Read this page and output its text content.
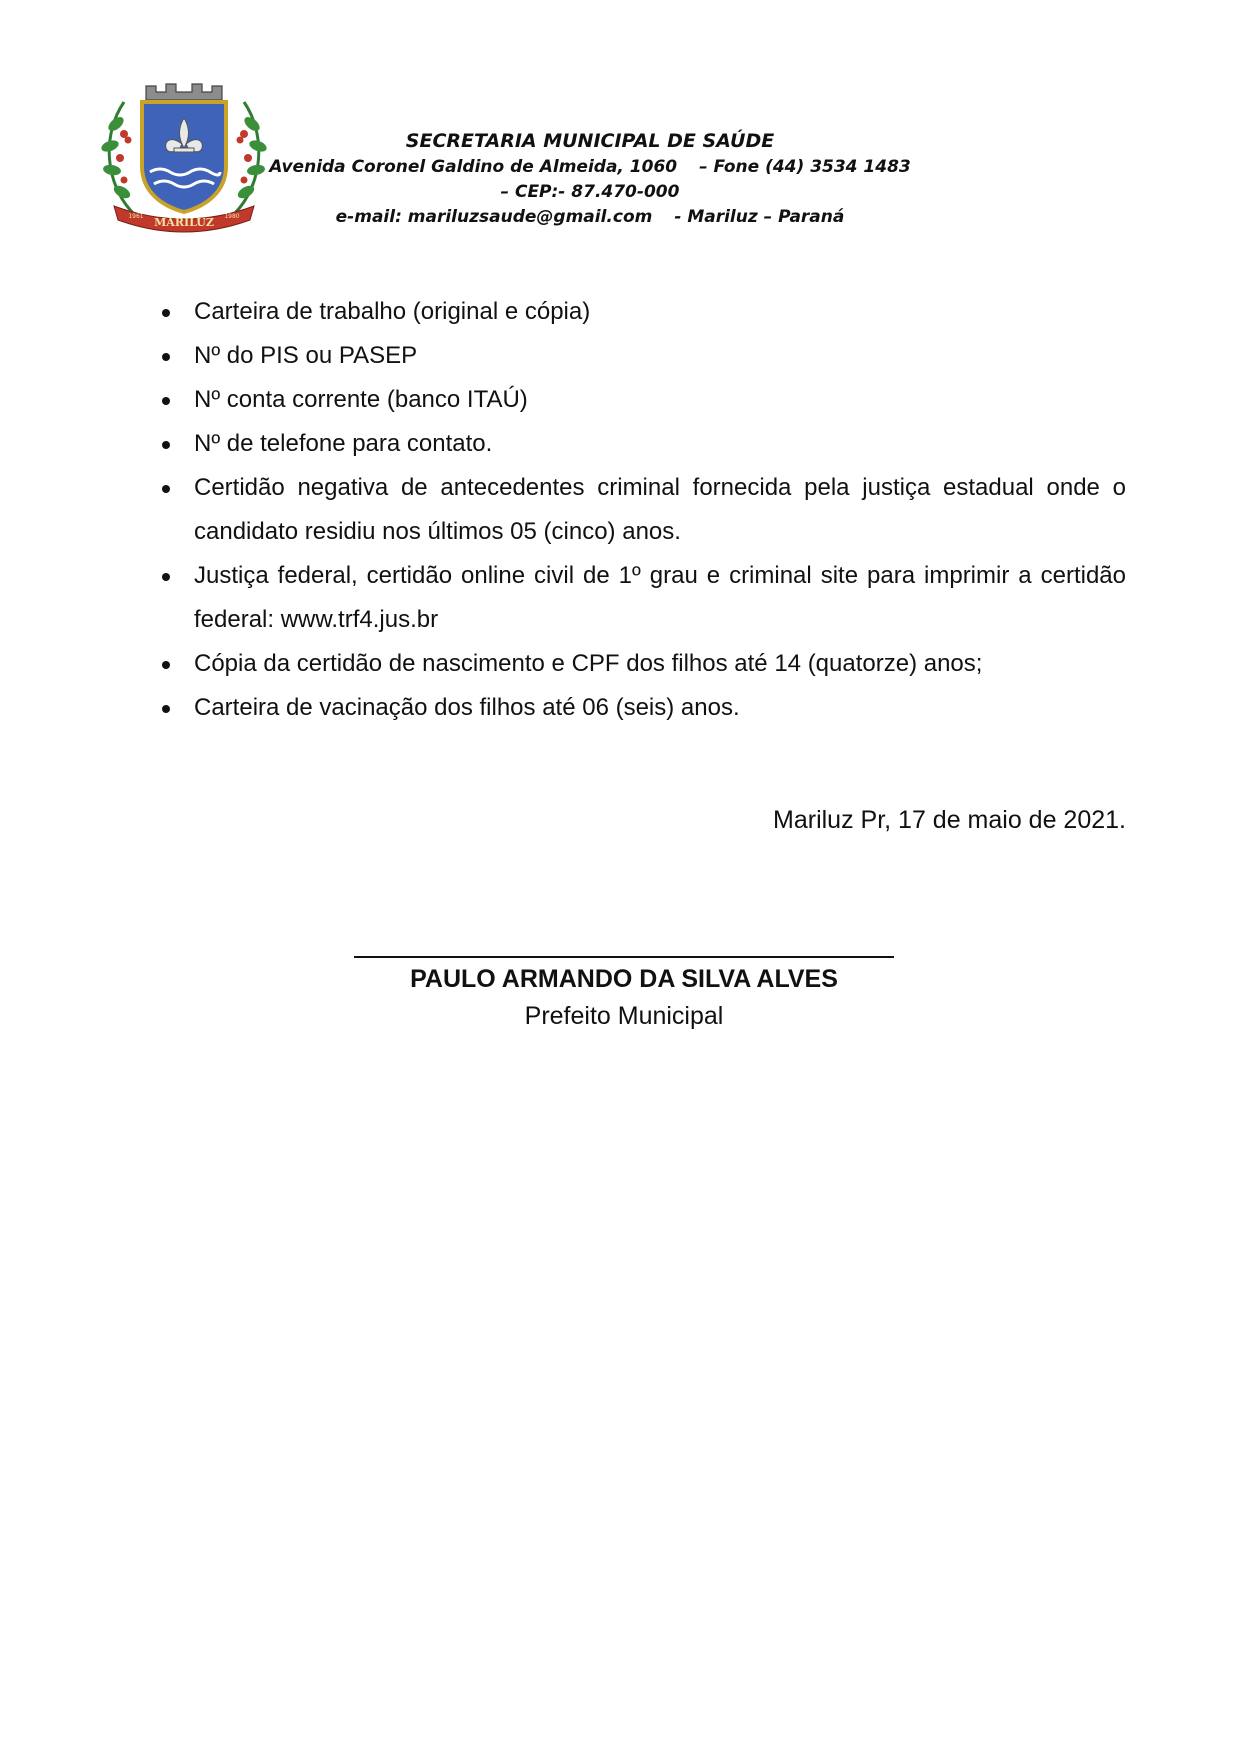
MARILUZ
1961	1980
SECRETARIA MUNICIPAL DE SAÚDE
Avenida Coronel Galdino de Almeida, 1060 – Fone (44) 3534 1483
– CEP:- 87.470-000
e-mail: mariluzsaude@gmail.com - Mariluz – Paraná
Carteira de trabalho (original e cópia)
Nº do PIS ou PASEP
Nº conta corrente (banco ITAÚ)
Nº de telefone para contato.
Certidão negativa de antecedentes criminal fornecida pela justiça estadual onde o candidato residiu nos últimos 05 (cinco) anos.
Justiça federal, certidão online civil de 1º grau e criminal site para imprimir a certidão federal: www.trf4.jus.br
Cópia da certidão de nascimento e CPF dos filhos até 14 (quatorze) anos;
Carteira de vacinação dos filhos até 06 (seis) anos.
Mariluz Pr, 17 de maio de 2021.
PAULO ARMANDO DA SILVA ALVES
Prefeito Municipal
